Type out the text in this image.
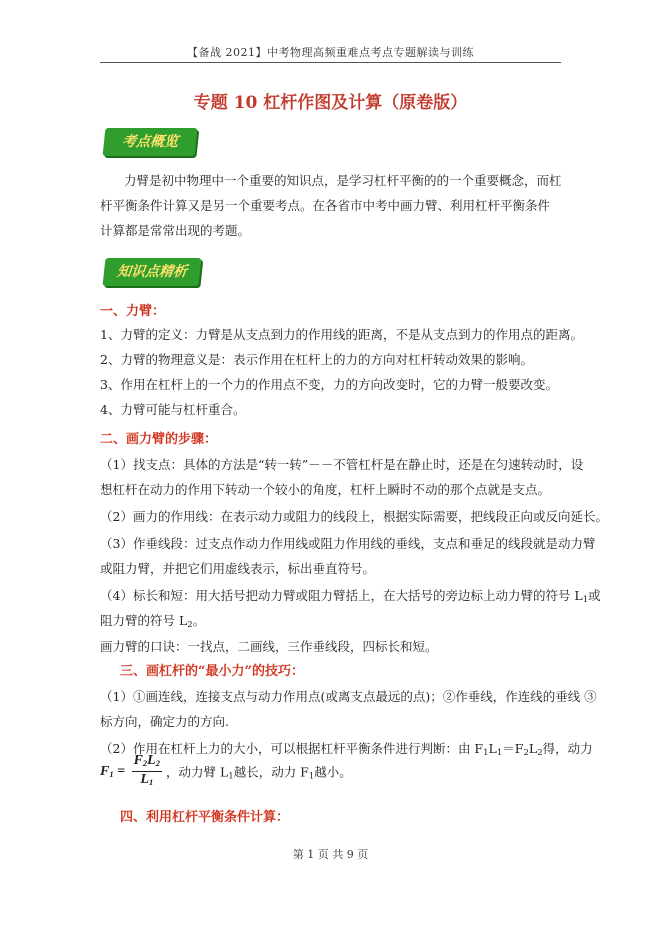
【备战 2021】中考物理高频重难点考点专题解读与训练
专题 10 杠杆作图及计算（原卷版）
考点概览
力臂是初中物理中一个重要的知识点，是学习杠杆平衡的的一个重要概念，而杠杆平衡条件计算又是另一个重要考点。在各省市中考中画力臂、利用杠杆平衡条件计算都是常常出现的考题。
知识点精析
一、力臂：
1、力臂的定义：力臂是从支点到力的作用线的距离，不是从支点到力的作用点的距离。
2、力臂的物理意义是：表示作用在杠杆上的力的方向对杠杆转动效果的影响。
3、作用在杠杆上的一个力的作用点不变，力的方向改变时，它的力臂一般要改变。
4、力臂可能与杠杆重合。
二、画力臂的步骤：
（1）找支点：具体的方法是“转一转”－－不管杠杆是在静止时，还是在匀速转动时，设
想杠杆在动力的作用下转动一个较小的角度，杠杆上瞬时不动的那个点就是支点。
（2）画力的作用线：在表示动力或阻力的线段上，根据实际需要，把线段正向或反向延长。
（3）作垂线段：过支点作动力作用线或阻力作用线的垂线，支点和垂足的线段就是动力臂
或阻力臂，并把它们用虚线表示，标出垂直符号。
（4）标长和短：用大括号把动力臂或阻力臂括上，在大括号的旁边标上动力臂的符号 $L_1$或
阻力臂的符号 $L_2$。
画力臂的口诀：一找点，二画线，三作垂线段，四标长和短。
三、画杠杆的“最小力”的技巧：
（1）①画连线，连接支点与动力作用点(或离支点最远的点)；②作垂线，作连线的垂线 ③
标方向，确定力的方向.
（2）作用在杠杆上力的大小，可以根据杠杆平衡条件进行判断：由 $F_1L_1=F_2L_2$得，动力
$F_1 = \frac{F_2L_2}{L_1}$ ，动力臂 $L_1$越长，动力 $F_1$越小。
四、利用杠杆平衡条件计算：
第 1 页 共 9 页
